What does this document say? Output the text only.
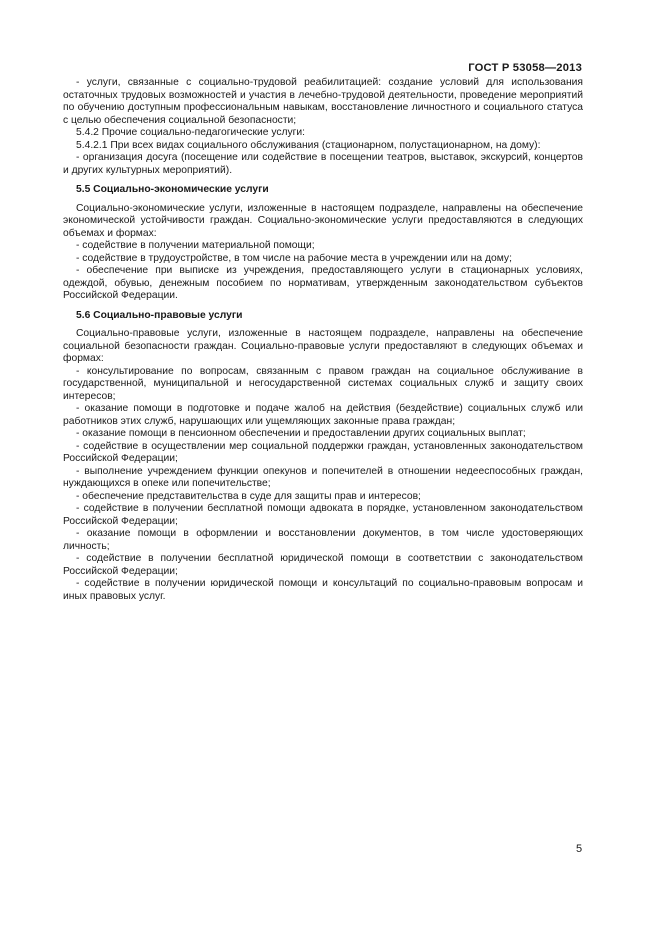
ГОСТ Р 53058—2013

- услуги, связанные с социально-трудовой реабилитацией: создание условий для использования остаточных трудовых возможностей и участия в лечебно-трудовой деятельности, проведение мероприятий по обучению доступным профессиональным навыкам, восстановление личностного и социального статуса с целью обеспечения социальной безопасности;

5.4.2 Прочие социально-педагогические услуги:

5.4.2.1 При всех видах социального обслуживания (стационарном, полустационарном, на дому):

- организация досуга (посещение или содействие в посещении театров, выставок, экскурсий, концертов и других культурных мероприятий).

5.5 Социально-экономические услуги

Социально-экономические услуги, изложенные в настоящем подразделе, направлены на обеспечение экономической устойчивости граждан. Социально-экономические услуги предоставляются в следующих объемах и формах:

- содействие в получении материальной помощи;

- содействие в трудоустройстве, в том числе на рабочие места в учреждении или на дому;

- обеспечение при выписке из учреждения, предоставляющего услуги в стационарных условиях, одеждой, обувью, денежным пособием по нормативам, утвержденным законодательством субъектов Российской Федерации.

5.6 Социально-правовые услуги

Социально-правовые услуги, изложенные в настоящем подразделе, направлены на обеспечение социальной безопасности граждан. Социально-правовые услуги предоставляют в следующих объемах и формах:

- консультирование по вопросам, связанным с правом граждан на социальное обслуживание в государственной, муниципальной и негосударственной системах социальных служб и защиту своих интересов;

- оказание помощи в подготовке и подаче жалоб на действия (бездействие) социальных служб или работников этих служб, нарушающих или ущемляющих законные права граждан;

- оказание помощи в пенсионном обеспечении и предоставлении других социальных выплат;

- содействие в осуществлении мер социальной поддержки граждан, установленных законодательством Российской Федерации;

- выполнение учреждением функции опекунов и попечителей в отношении недееспособных граждан, нуждающихся в опеке или попечительстве;

- обеспечение представительства в суде для защиты прав и интересов;

- содействие в получении бесплатной помощи адвоката в порядке, установленном законодательством Российской Федерации;

- оказание помощи в оформлении и восстановлении документов, в том числе удостоверяющих личность;

- содействие в получении бесплатной юридической помощи в соответствии с законодательством Российской Федерации;

- содействие в получении юридической помощи и консультаций по социально-правовым вопросам и иных правовых услуг.

5
